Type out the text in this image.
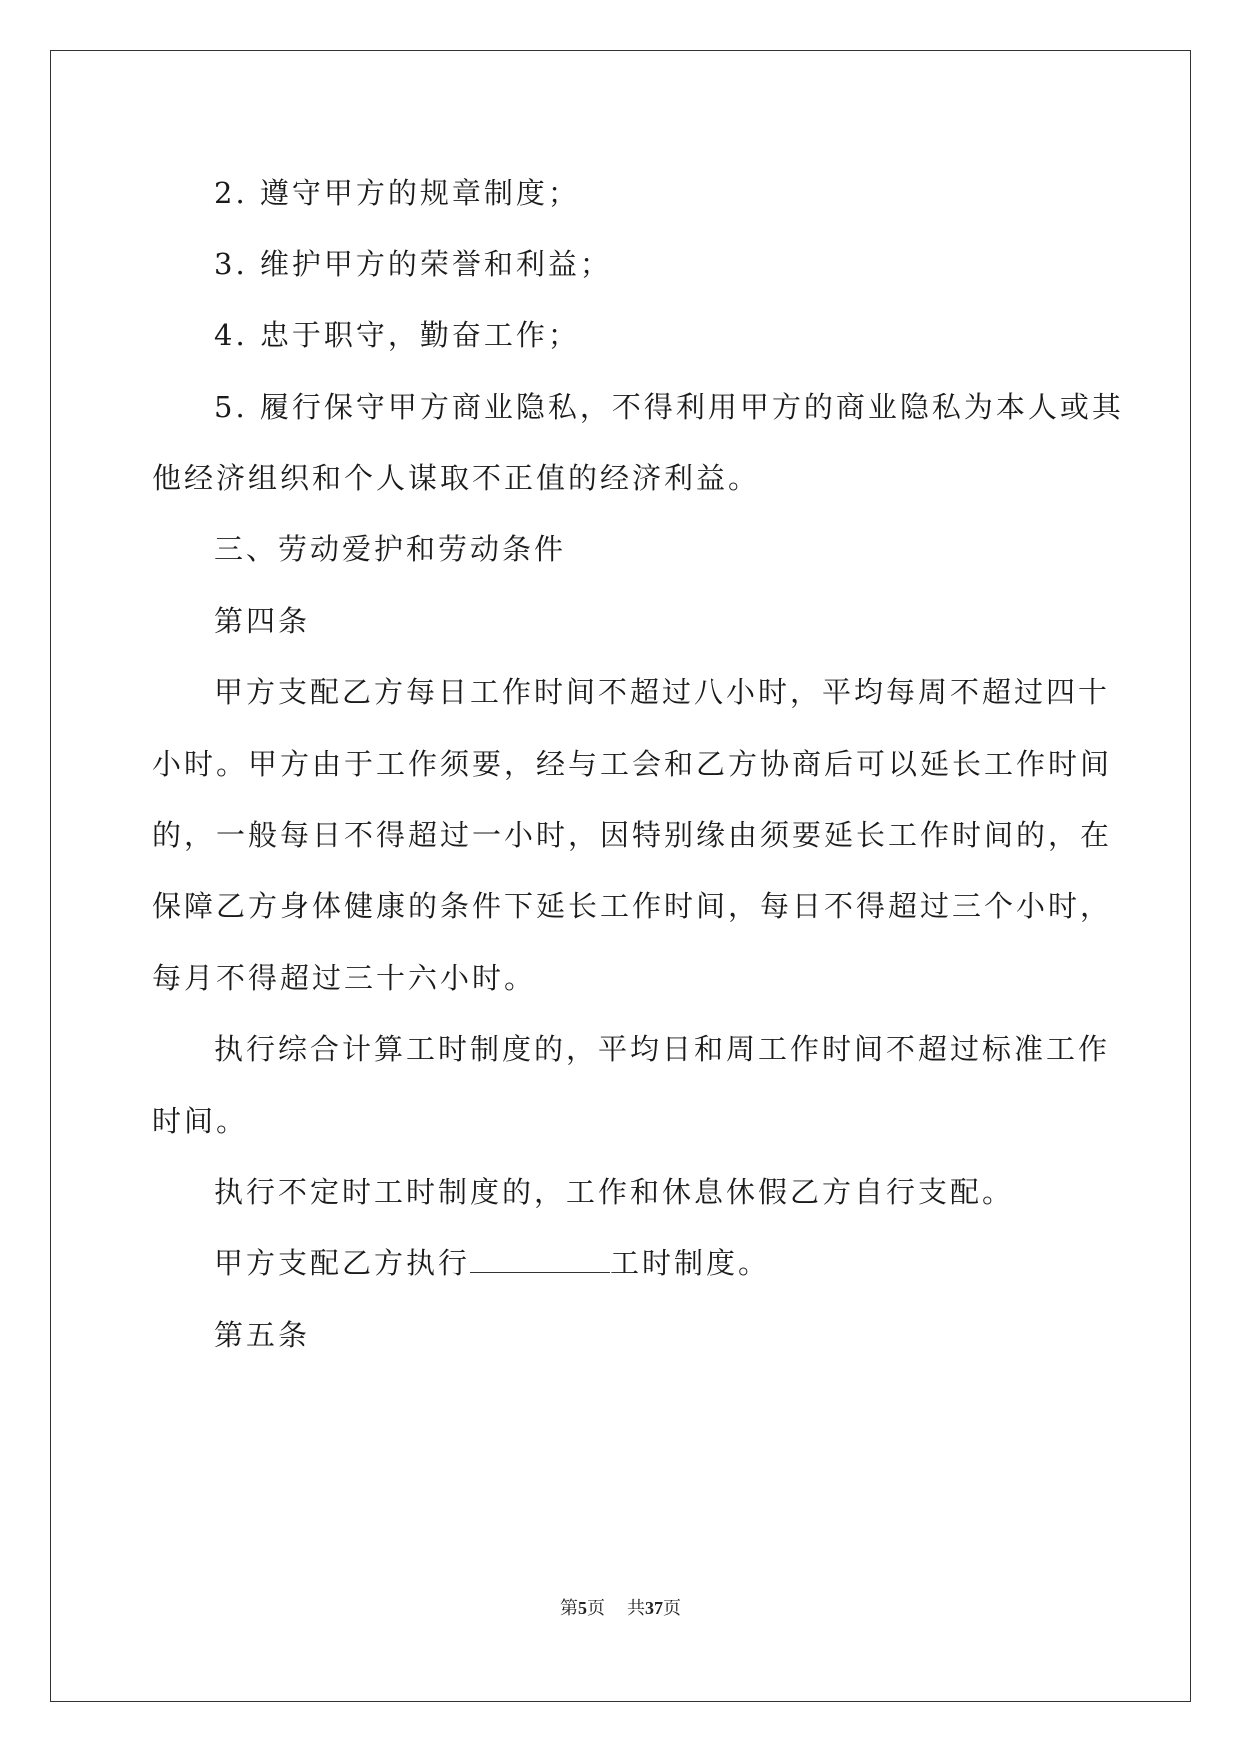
2. 遵守甲方的规章制度；
3. 维护甲方的荣誉和利益；
4. 忠于职守，勤奋工作；
5. 履行保守甲方商业隐私，不得利用甲方的商业隐私为本人或其
他经济组织和个人谋取不正值的经济利益。
三、劳动爱护和劳动条件
第四条
甲方支配乙方每日工作时间不超过八小时，平均每周不超过四十
小时。甲方由于工作须要，经与工会和乙方协商后可以延长工作时间
的，一般每日不得超过一小时，因特别缘由须要延长工作时间的，在
保障乙方身体健康的条件下延长工作时间，每日不得超过三个小时，
每月不得超过三十六小时。
执行综合计算工时制度的，平均日和周工作时间不超过标准工作
时间。
执行不定时工时制度的，工作和休息休假乙方自行支配。
甲方支配乙方执行	工时制度。
第五条
第5页 共37页
